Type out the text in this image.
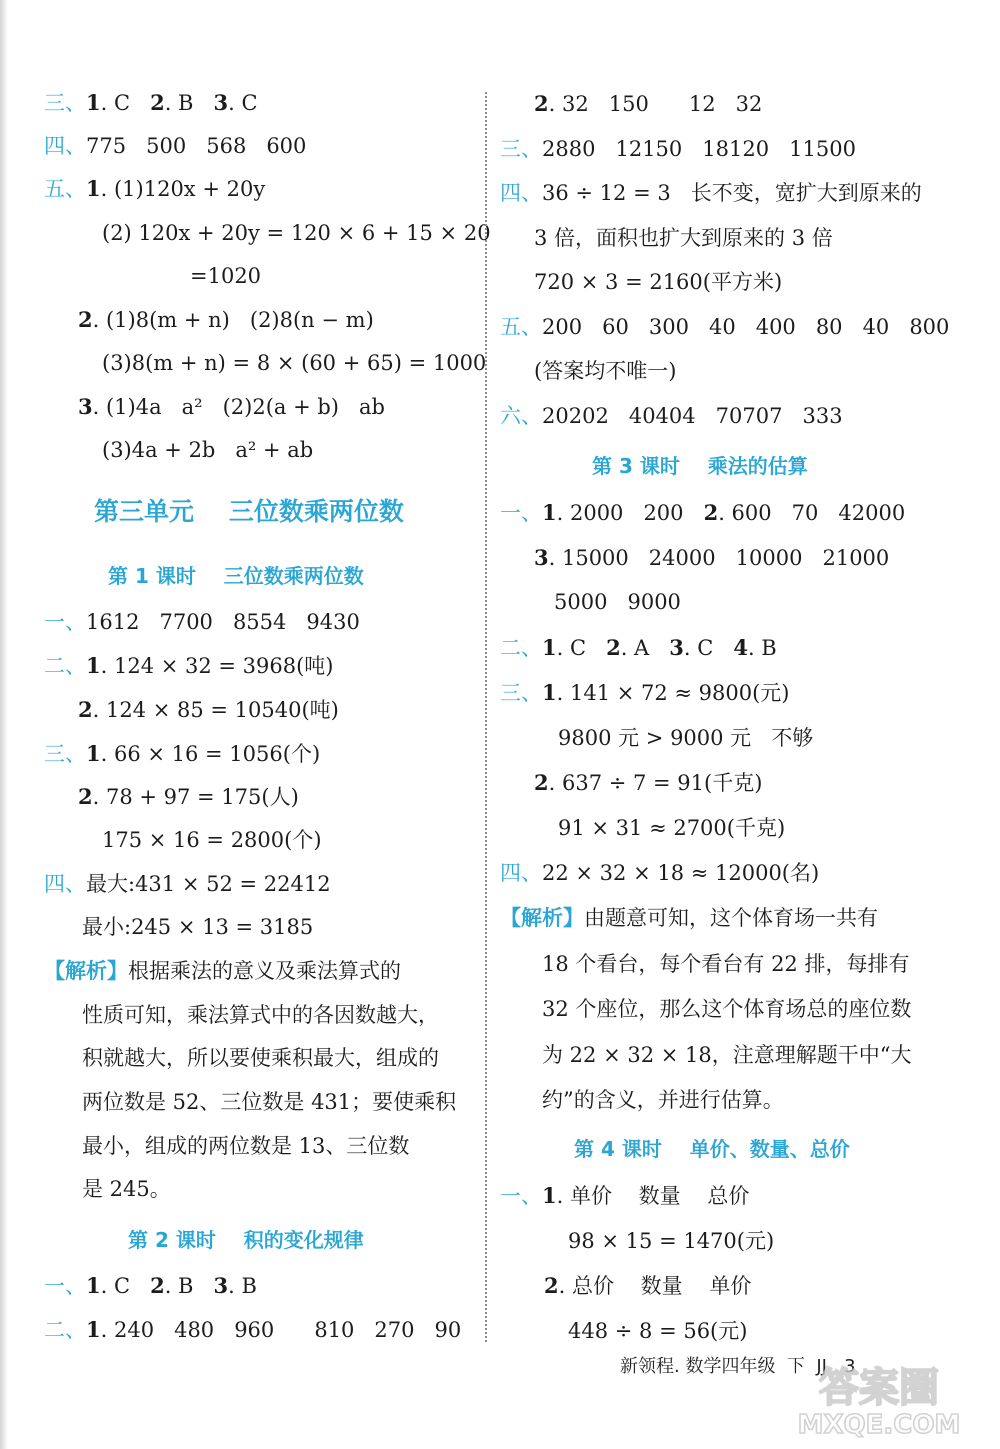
三、1. C   2. B   3. C
四、775   500   568   600
五、1. (1)120x + 20y
(2) 120x + 20y = 120 × 6 + 15 × 20
=1020
2. (1)8(m + n)   (2)8(n − m)
(3)8(m + n) = 8 × (60 + 65) = 1000
3. (1)4a   a²   (2)2(a + b)   ab
(3)4a + 2b   a² + ab
第三单元    三位数乘两位数
第 1 课时    三位数乘两位数
一、1612   7700   8554   9430
二、1. 124 × 32 = 3968(吨)
2. 124 × 85 = 10540(吨)
三、1. 66 × 16 = 1056(个)
2. 78 + 97 = 175(人)
175 × 16 = 2800(个)
四、最大:431 × 52 = 22412
最小:245 × 13 = 3185
【解析】根据乘法的意义及乘法算式的
性质可知，乘法算式中的各因数越大，
积就越大，所以要使乘积最大，组成的
两位数是 52、三位数是 431；要使乘积
最小，组成的两位数是 13、三位数
是 245。
第 2 课时    积的变化规律
一、1. C   2. B   3. B
二、1. 240   480   960      810   270   90
2. 32   150      12   32
三、2880   12150   18120   11500
四、36 ÷ 12 = 3   长不变，宽扩大到原来的
3 倍，面积也扩大到原来的 3 倍
720 × 3 = 2160(平方米)
五、200   60   300   40   400   80   40   800
(答案均不唯一)
六、20202   40404   70707   333
第 3 课时    乘法的估算
一、1. 2000   200   2. 600   70   42000
3. 15000   24000   10000   21000
5000   9000
二、1. C   2. A   3. C   4. B
三、1. 141 × 72 ≈ 9800(元)
9800 元 > 9000 元   不够
2. 637 ÷ 7 = 91(千克)
91 × 31 ≈ 2700(千克)
四、22 × 32 × 18 ≈ 12000(名)
【解析】由题意可知，这个体育场一共有
18 个看台，每个看台有 22 排，每排有
32 个座位，那么这个体育场总的座位数
为 22 × 32 × 18，注意理解题干中“大
约”的含义，并进行估算。
第 4 课时    单价、数量、总价
一、1. 单价    数量    总价
98 × 15 = 1470(元)
2. 总价    数量    单价
448 ÷ 8 = 56(元)
新领程. 数学四年级  下  JJ   3
答案圈
MXQE.COM
